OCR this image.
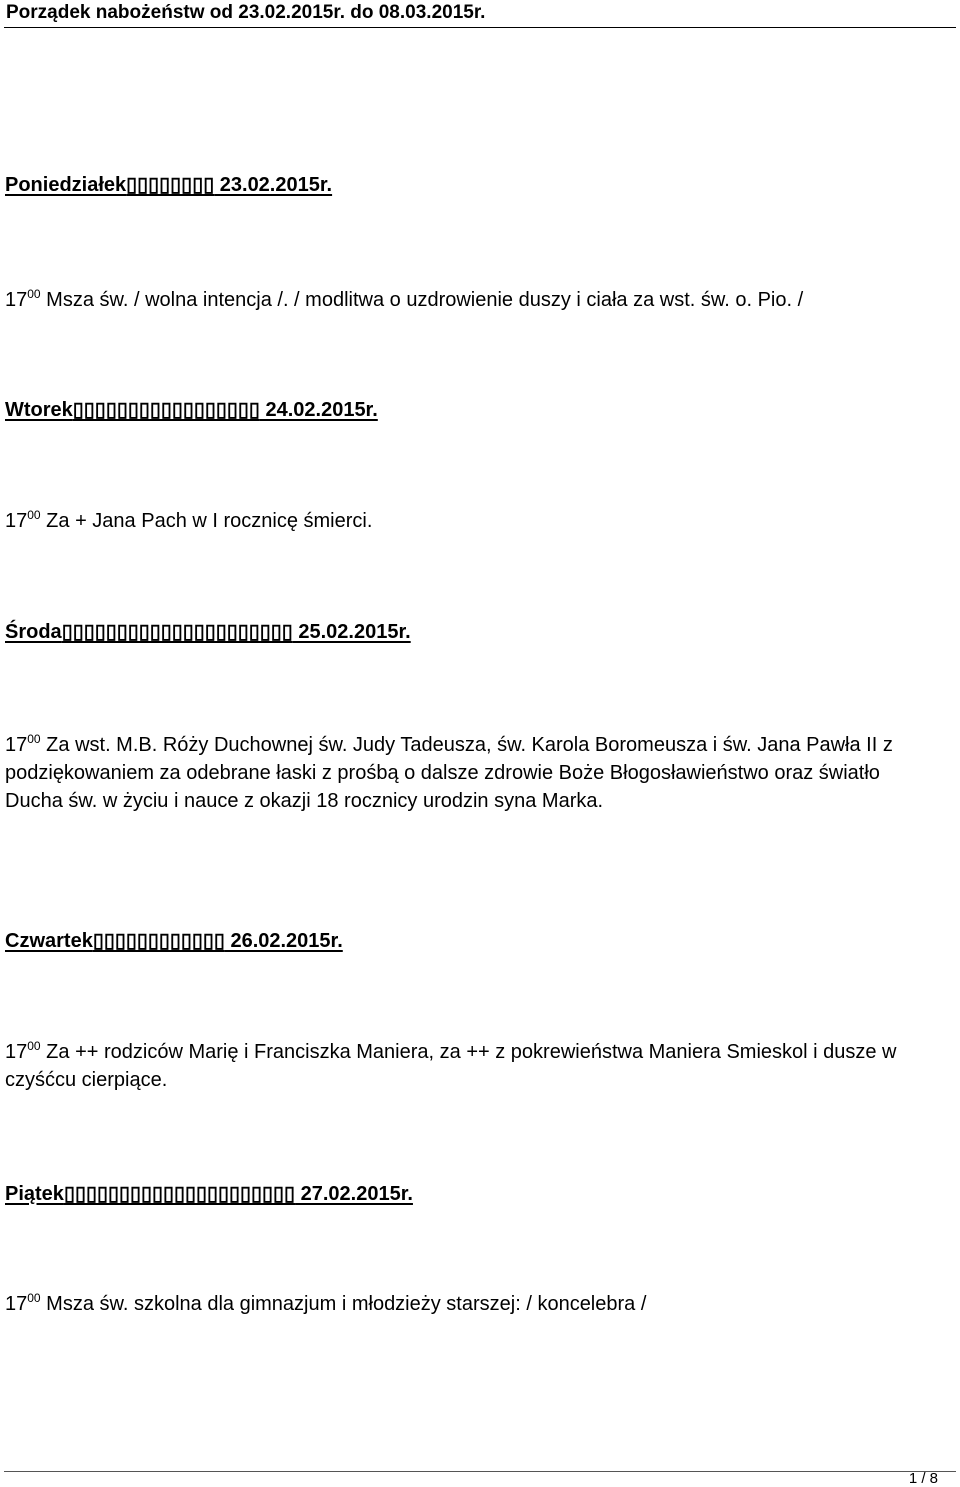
Porządek nabożeństw od 23.02.2015r. do 08.03.2015r.
Poniedziałek▯▯▯▯▯▯▯▯ 23.02.2015r.
$17^{00}$ Msza św. / wolna intencja /. / modlitwa o uzdrowienie duszy i ciała za wst. św. o. Pio. /
Wtorek▯▯▯▯▯▯▯▯▯▯▯▯▯▯▯▯▯ 24.02.2015r.
$17^{00}$ Za + Jana Pach w I rocznicę śmierci.
Środa▯▯▯▯▯▯▯▯▯▯▯▯▯▯▯▯▯▯▯▯▯ 25.02.2015r.
$17^{00}$ Za wst. M.B. Róży Duchownej św. Judy Tadeusza, św. Karola Boromeusza i św. Jana Pawła II z podziękowaniem za odebrane łaski z prośbą o dalsze zdrowie Boże Błogosławieństwo oraz światło Ducha św. w życiu i nauce z okazji 18 rocznicy urodzin syna Marka.
Czwartek▯▯▯▯▯▯▯▯▯▯▯▯ 26.02.2015r.
$17^{00}$ Za ++ rodziców Marię i Franciszka Maniera, za ++ z pokrewieństwa Maniera Smieskol i dusze w czyśćcu cierpiące.
Piątek▯▯▯▯▯▯▯▯▯▯▯▯▯▯▯▯▯▯▯▯▯ 27.02.2015r.
$17^{00}$ Msza św. szkolna dla gimnazjum i młodzieży starszej: / koncelebra /
1 / 8
